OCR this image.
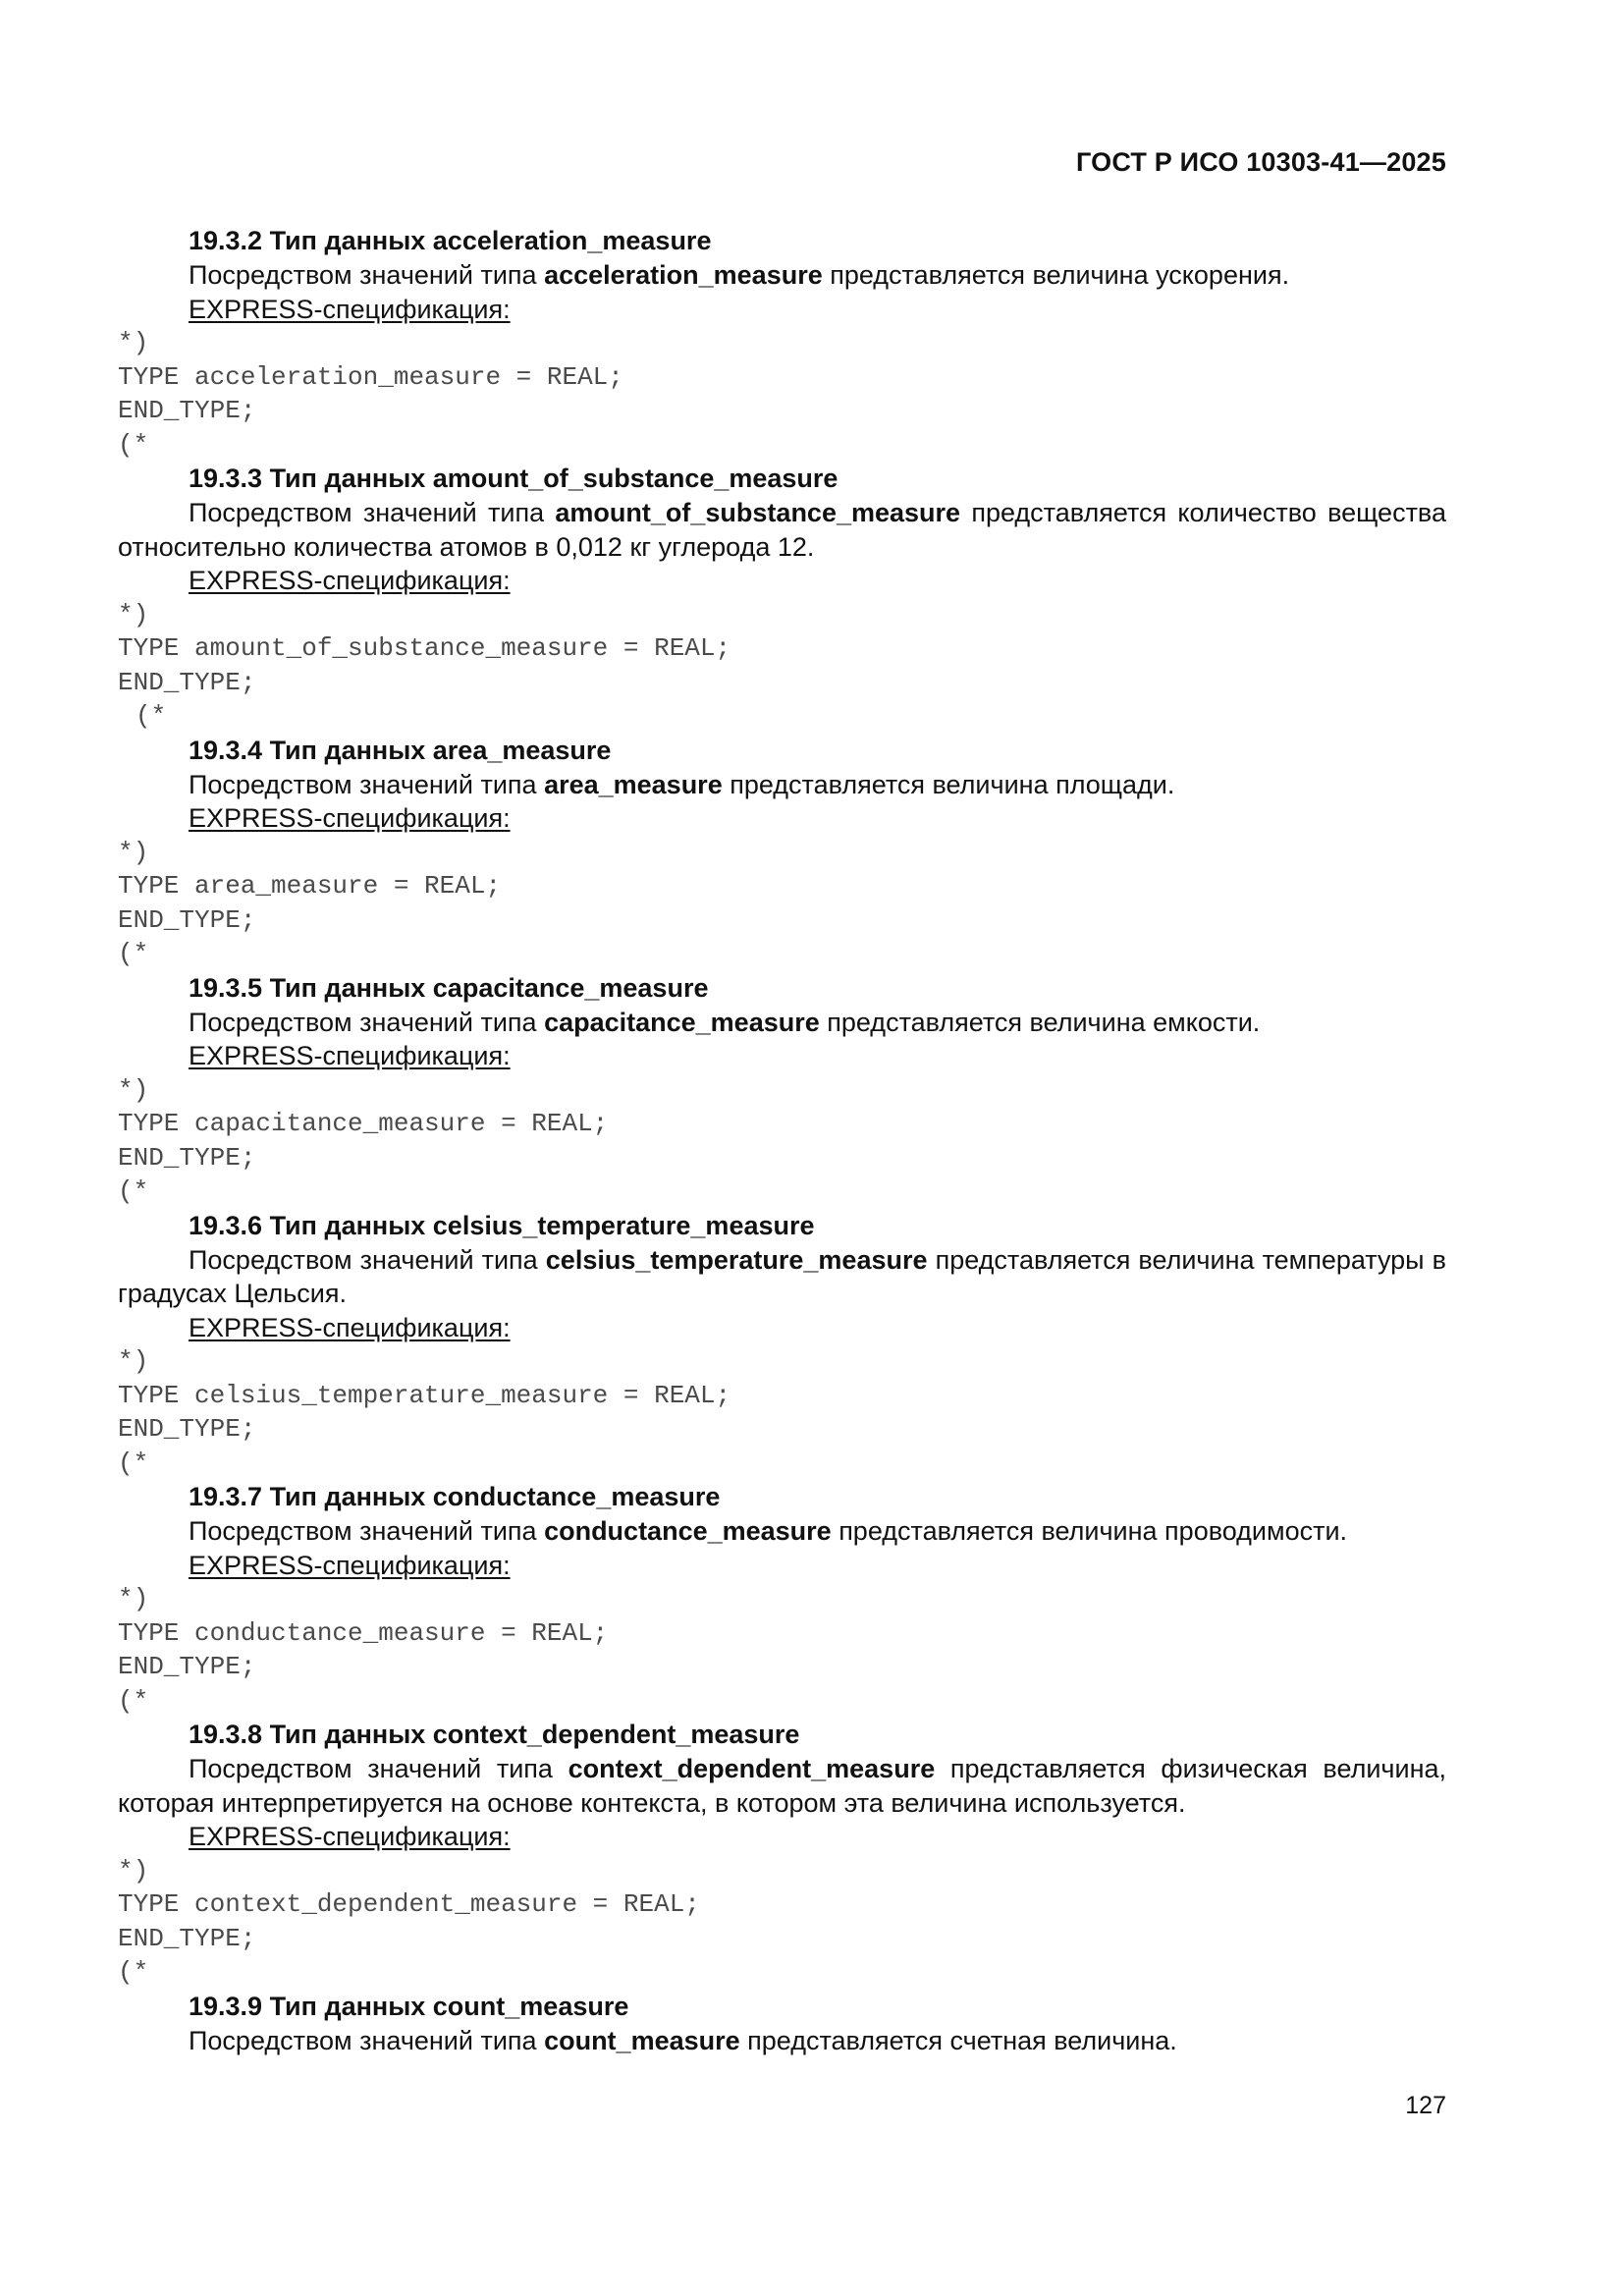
ГОСТ Р ИСО 10303-41—2025
19.3.2 Тип данных acceleration_measure
Посредством значений типа acceleration_measure представляется величина ускорения.
EXPRESS-спецификация:
*)
TYPE acceleration_measure = REAL;
END_TYPE;
(*
19.3.3 Тип данных amount_of_substance_measure
Посредством значений типа amount_of_substance_measure представляется количество вещества относительно количества атомов в 0,012 кг углерода 12.
EXPRESS-спецификация:
*)
TYPE amount_of_substance_measure = REAL;
END_TYPE;
(*
19.3.4 Тип данных area_measure
Посредством значений типа area_measure представляется величина площади.
EXPRESS-спецификация:
*)
TYPE area_measure = REAL;
END_TYPE;
(*
19.3.5 Тип данных capacitance_measure
Посредством значений типа capacitance_measure представляется величина емкости.
EXPRESS-спецификация:
*)
TYPE capacitance_measure = REAL;
END_TYPE;
(*
19.3.6 Тип данных celsius_temperature_measure
Посредством значений типа celsius_temperature_measure представляется величина температуры в градусах Цельсия.
EXPRESS-спецификация:
*)
TYPE celsius_temperature_measure = REAL;
END_TYPE;
(*
19.3.7 Тип данных conductance_measure
Посредством значений типа conductance_measure представляется величина проводимости.
EXPRESS-спецификация:
*)
TYPE conductance_measure = REAL;
END_TYPE;
(*
19.3.8 Тип данных context_dependent_measure
Посредством значений типа context_dependent_measure представляется физическая величина, которая интерпретируется на основе контекста, в котором эта величина используется.
EXPRESS-спецификация:
*)
TYPE context_dependent_measure = REAL;
END_TYPE;
(*
19.3.9 Тип данных count_measure
Посредством значений типа count_measure представляется счетная величина.
127
